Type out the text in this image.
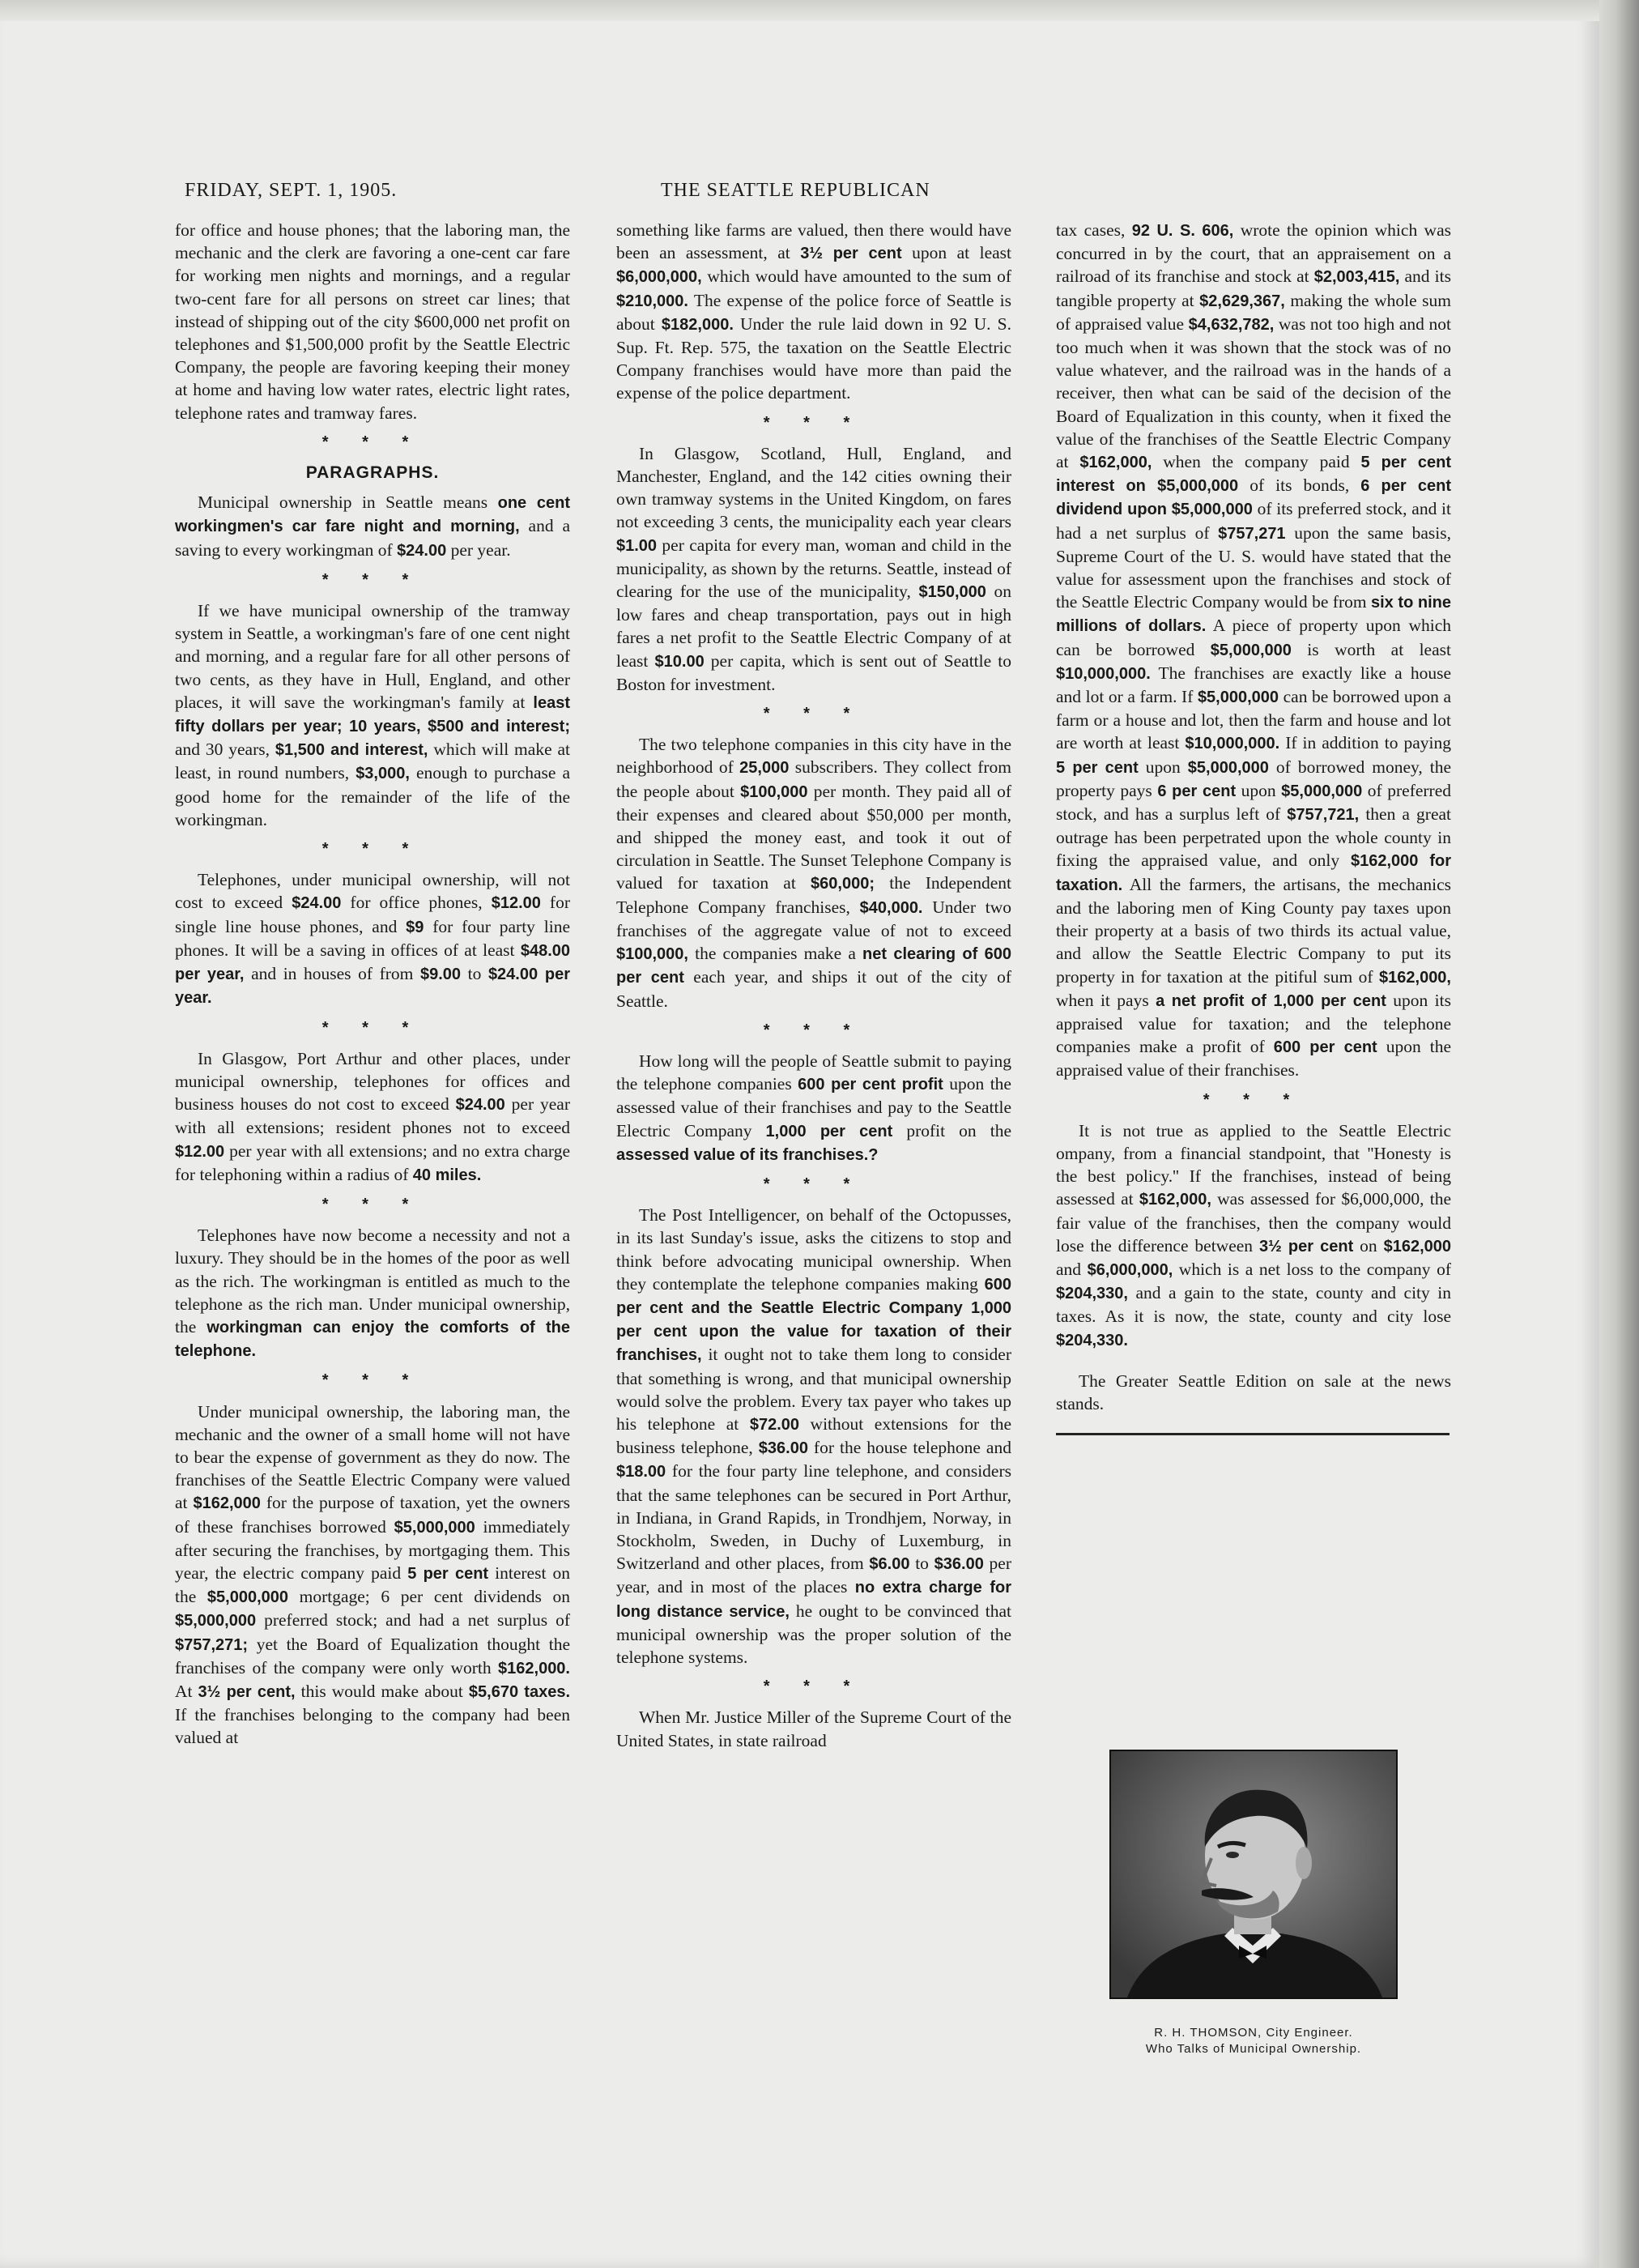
FRIDAY, SEPT. 1, 1905.	THE SEATTLE REPUBLICAN

for office and house phones; that the laboring man, the mechanic and the clerk are favoring a one-cent car fare for working men nights and mornings, and a regular two-cent fare for all persons on street car lines; that instead of shipping out of the city $600,000 net profit on telephones and $1,500,000 profit by the Seattle Electric Company, the people are favoring keeping their money at home and having low water rates, electric light rates, telephone rates and tramway fares.

* * *
PARAGRAPHS.

Municipal ownership in Seattle means one cent workingmen's car fare night and morning, and a saving to every workingman of $24.00 per year.

* * *

If we have municipal ownership of the tramway system in Seattle, a workingman's fare of one cent night and morning, and a regular fare for all other persons of two cents, as they have in Hull, England, and other places, it will save the workingman's family at least fifty dollars per year; 10 years, $500 and interest; and 30 years, $1,500 and interest, which will make at least, in round numbers, $3,000, enough to purchase a good home for the remainder of the life of the workingman.

* * *

Telephones, under municipal ownership, will not cost to exceed $24.00 for office phones, $12.00 for single line house phones, and $9 for four party line phones. It will be a saving in offices of at least $48.00 per year, and in houses of from $9.00 to $24.00 per year.

* * *

In Glasgow, Port Arthur and other places, under municipal ownership, telephones for offices and business houses do not cost to exceed $24.00 per year with all extensions; resident phones not to exceed $12.00 per year with all extensions; and no extra charge for telephoning within a radius of 40 miles.

* * *

Telephones have now become a necessity and not a luxury. They should be in the homes of the poor as well as the rich. The workingman is entitled as much to the telephone as the rich man. Under municipal ownership, the workingman can enjoy the comforts of the telephone.

* * *

Under municipal ownership, the laboring man, the mechanic and the owner of a small home will not have to bear the expense of government as they do now. The franchises of the Seattle Electric Company were valued at $162,000 for the purpose of taxation, yet the owners of these franchises borrowed $5,000,000 immediately after securing the franchises, by mortgaging them. This year, the electric company paid 5 per cent interest on the $5,000,000 mortgage; 6 per cent dividends on $5,000,000 preferred stock; and had a net surplus of $757,271; yet the Board of Equalization thought the franchises of the company were only worth $162,000. At 3½ per cent, this would make about $5,670 taxes. If the franchises belonging to the company had been valued at

something like farms are valued, then there would have been an assessment, at 3½ per cent upon at least $6,000,000, which would have amounted to the sum of $210,000. The expense of the police force of Seattle is about $182,000. Under the rule laid down in 92 U. S. Sup. Ft. Rep. 575, the taxation on the Seattle Electric Company franchises would have more than paid the expense of the police department.

* * *

In Glasgow, Scotland, Hull, England, and Manchester, England, and the 142 cities owning their own tramway systems in the United Kingdom, on fares not exceeding 3 cents, the municipality each year clears $1.00 per capita for every man, woman and child in the municipality, as shown by the returns. Seattle, instead of clearing for the use of the municipality, $150,000 on low fares and cheap transportation, pays out in high fares a net profit to the Seattle Electric Company of at least $10.00 per capita, which is sent out of Seattle to Boston for investment.

* * *

The two telephone companies in this city have in the neighborhood of 25,000 subscribers. They collect from the people about $100,000 per month. They paid all of their expenses and cleared about $50,000 per month, and shipped the money east, and took it out of circulation in Seattle. The Sunset Telephone Company is valued for taxation at $60,000; the Independent Telephone Company franchises, $40,000. Under two franchises of the aggregate value of not to exceed $100,000, the companies make a net clearing of 600 per cent each year, and ships it out of the city of Seattle.

* * *

How long will the people of Seattle submit to paying the telephone companies 600 per cent profit upon the assessed value of their franchises and pay to the Seattle Electric Company 1,000 per cent profit on the assessed value of its franchises.?

* * *

The Post Intelligencer, on behalf of the Octopusses, in its last Sunday's issue, asks the citizens to stop and think before advocating municipal ownership. When they contemplate the telephone companies making 600 per cent and the Seattle Electric Company 1,000 per cent upon the value for taxation of their franchises, it ought not to take them long to consider that something is wrong, and that municipal ownership would solve the problem. Every tax payer who takes up his telephone at $72.00 without extensions for the business telephone, $36.00 for the house telephone and $18.00 for the four party line telephone, and considers that the same telephones can be secured in Port Arthur, in Indiana, in Grand Rapids, in Trondhjem, Norway, in Stockholm, Sweden, in Duchy of Luxemburg, in Switzerland and other places, from $6.00 to $36.00 per year, and in most of the places no extra charge for long distance service, he ought to be convinced that municipal ownership was the proper solution of the telephone systems.

* * *

When Mr. Justice Miller of the Supreme Court of the United States, in state railroad

tax cases, 92 U. S. 606, wrote the opinion which was concurred in by the court, that an appraisement on a railroad of its franchise and stock at $2,003,415, and its tangible property at $2,629,367, making the whole sum of appraised value $4,632,782, was not too high and not too much when it was shown that the stock was of no value whatever, and the railroad was in the hands of a receiver, then what can be said of the decision of the Board of Equalization in this county, when it fixed the value of the franchises of the Seattle Electric Company at $162,000, when the company paid 5 per cent interest on $5,000,000 of its bonds, 6 per cent dividend upon $5,000,000 of its preferred stock, and it had a net surplus of $757,271 upon the same basis, Supreme Court of the U. S. would have stated that the value for assessment upon the franchises and stock of the Seattle Electric Company would be from six to nine millions of dollars. A piece of property upon which can be borrowed $5,000,000 is worth at least $10,000,000. The franchises are exactly like a house and lot or a farm. If $5,000,000 can be borrowed upon a farm or a house and lot, then the farm and house and lot are worth at least $10,000,000. If in addition to paying 5 per cent upon $5,000,000 of borrowed money, the property pays 6 per cent upon $5,000,000 of preferred stock, and has a surplus left of $757,721, then a great outrage has been perpetrated upon the whole county in fixing the appraised value, and only $162,000 for taxation. All the farmers, the artisans, the mechanics and the laboring men of King County pay taxes upon their property at a basis of two thirds its actual value, and allow the Seattle Electric Company to put its property in for taxation at the pitiful sum of $162,000, when it pays a net profit of 1,000 per cent upon its appraised value for taxation; and the telephone companies make a profit of 600 per cent upon the appraised value of their franchises.

* * *

It is not true as applied to the Seattle Electric ompany, from a financial standpoint, that ''Honesty is the best policy.'' If the franchises, instead of being assessed at $162,000, was assessed for $6,000,000, the fair value of the franchises, then the company would lose the difference between 3½ per cent on $162,000 and $6,000,000, which is a net loss to the company of $204,330, and a gain to the state, county and city in taxes. As it is now, the state, county and city lose $204,330.

The Greater Seattle Edition on sale at the news stands.

R. H. THOMSON, City Engineer.
Who Talks of Municipal Ownership.
